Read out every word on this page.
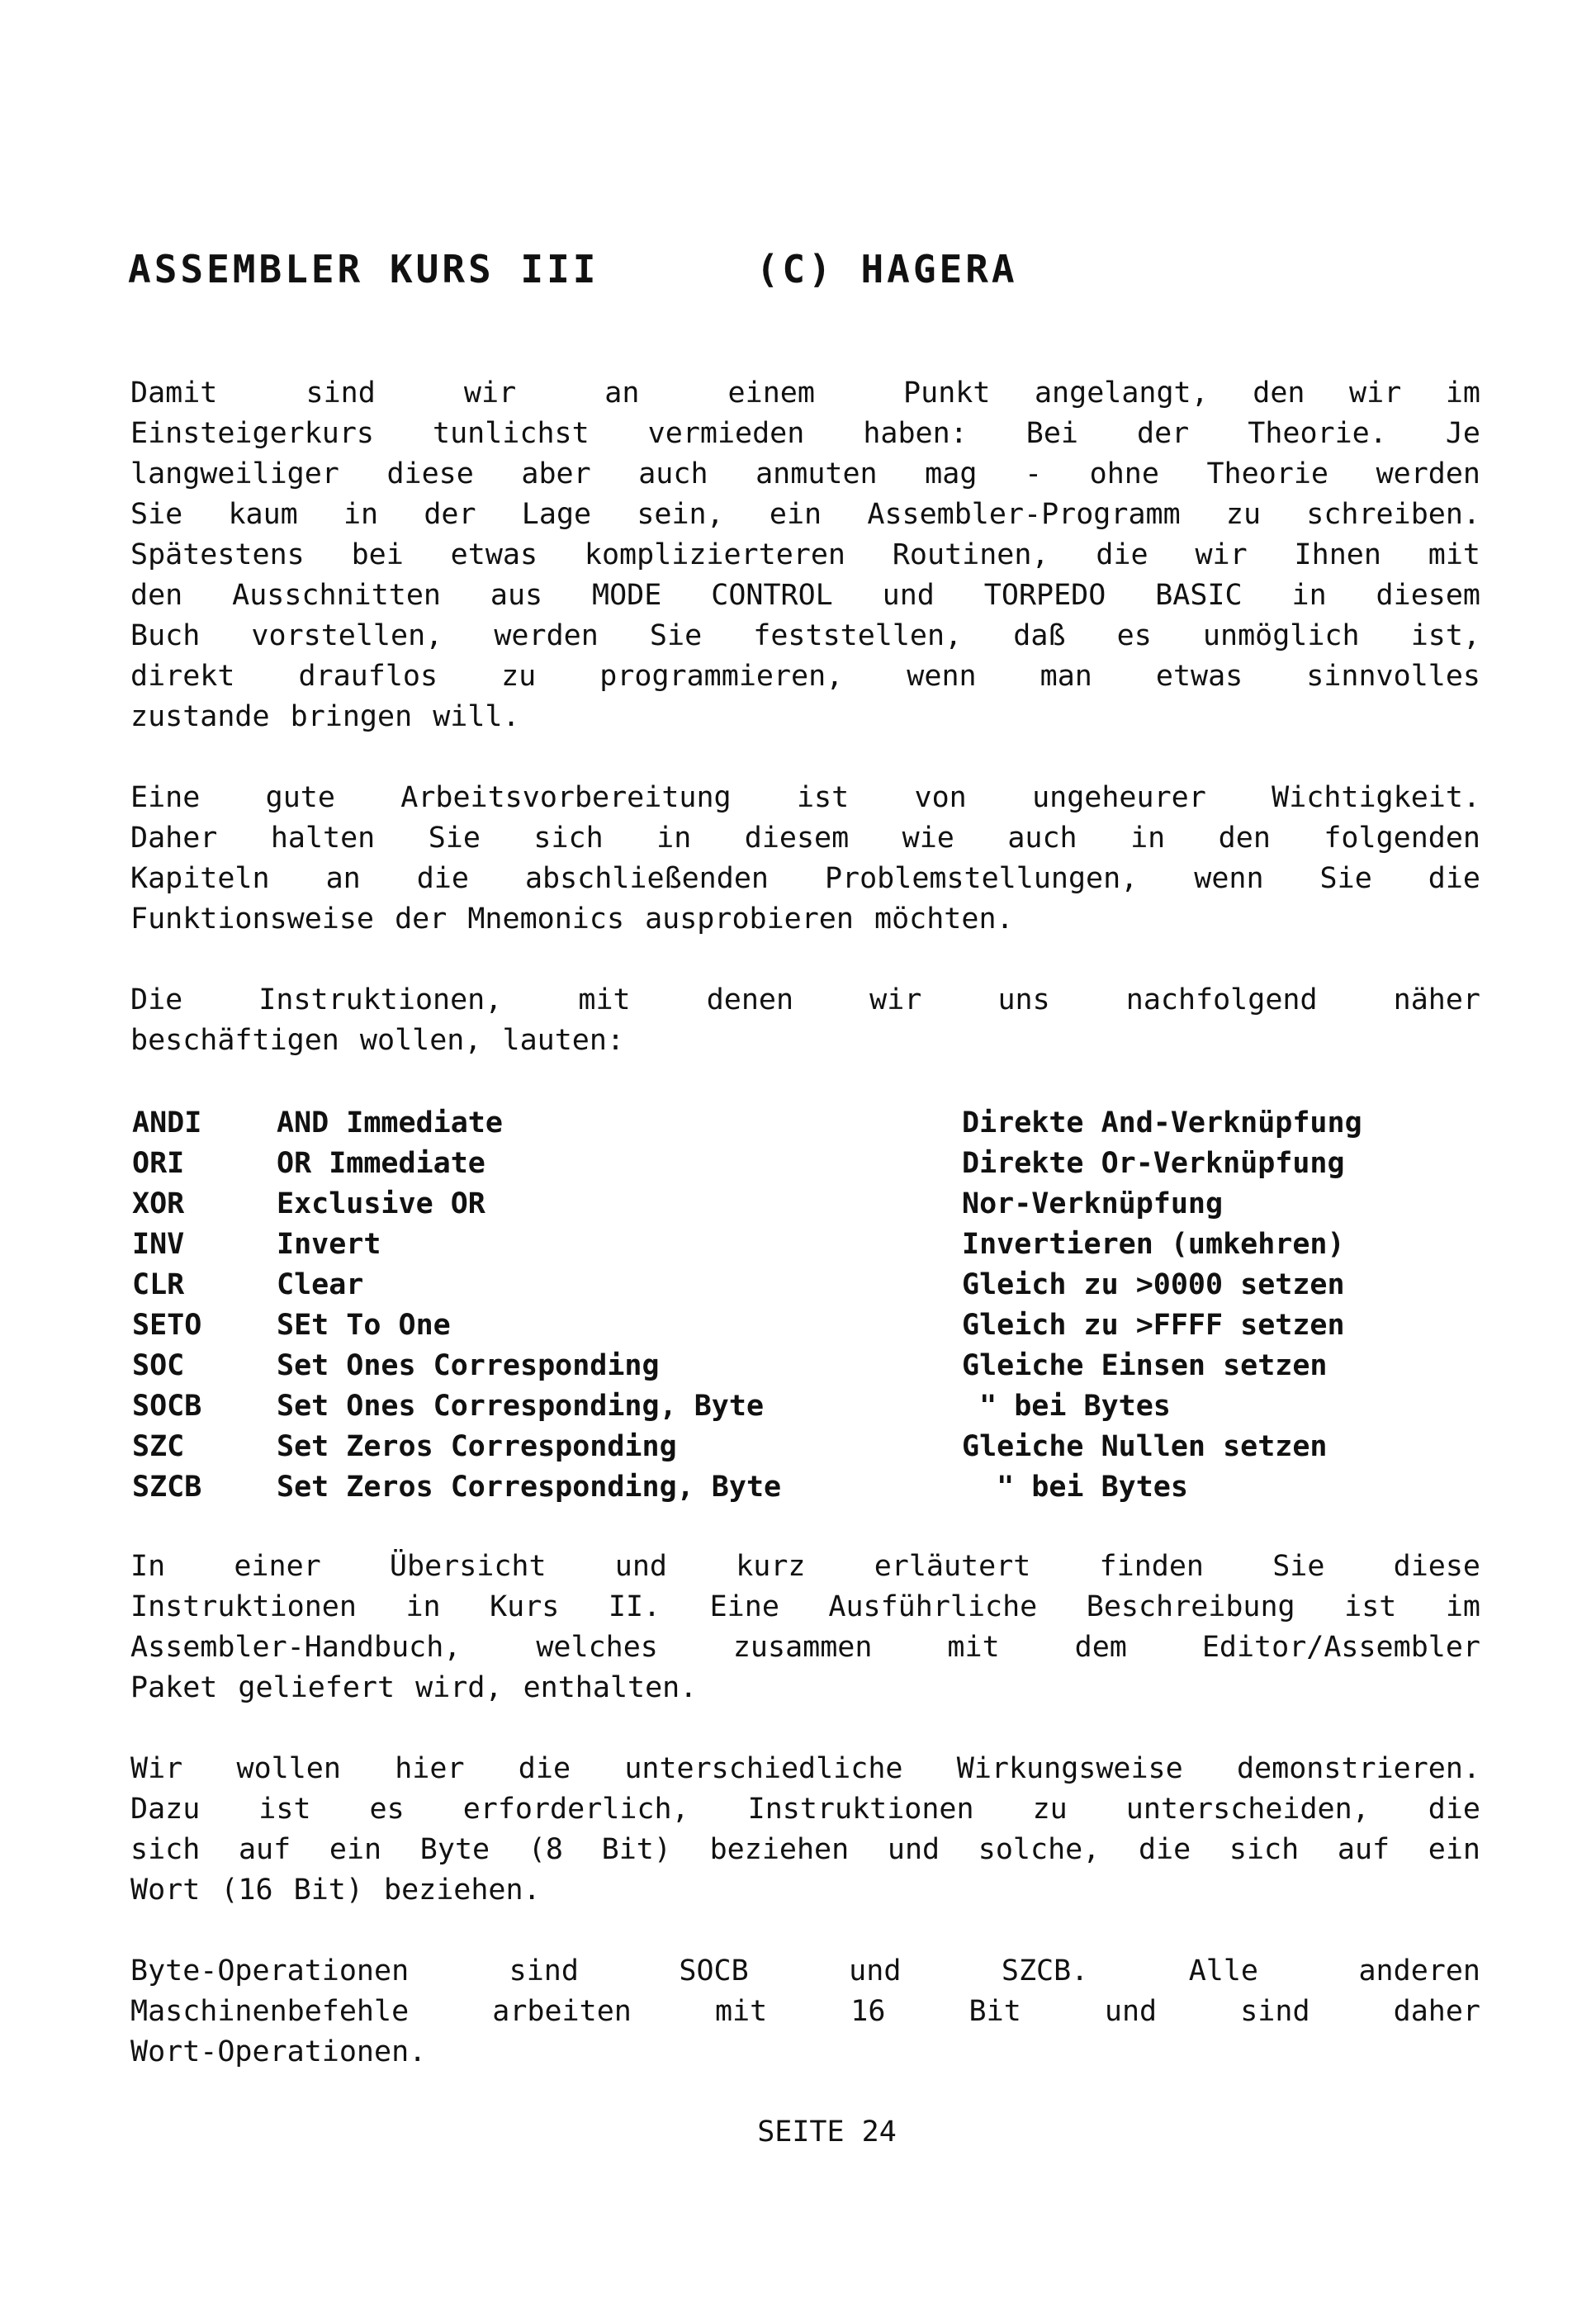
ASSEMBLER KURS III      (C) HAGERA
Damit  sind  wir  an  einem  Punkt angelangt, den wir im
Einsteigerkurs tunlichst vermieden haben: Bei der Theorie. Je
langweiliger diese aber auch anmuten mag - ohne Theorie werden
Sie kaum in der Lage sein, ein Assembler-Programm zu schreiben.
Spätestens bei etwas komplizierteren Routinen, die wir Ihnen mit
den Ausschnitten aus MODE CONTROL und TORPEDO BASIC in diesem
Buch vorstellen, werden Sie feststellen, daß es unmöglich ist,
direkt drauflos zu programmieren, wenn man etwas sinnvolles
zustande bringen will.
Eine gute Arbeitsvorbereitung ist von ungeheurer Wichtigkeit.
Daher halten Sie sich in diesem wie auch in den folgenden
Kapiteln an die abschließenden Problemstellungen, wenn Sie die
Funktionsweise der Mnemonics ausprobieren möchten.
Die Instruktionen, mit denen wir uns nachfolgend näher
beschäftigen wollen, lauten:
ANDI	AND Immediate	Direkte And-Verknüpfung
ORI	OR Immediate	Direkte Or-Verknüpfung
XOR	Exclusive OR	Nor-Verknüpfung
INV	Invert	Invertieren (umkehren)
CLR	Clear	Gleich zu >0000 setzen
SETO	SEt To One	Gleich zu >FFFF setzen
SOC	Set Ones Corresponding	Gleiche Einsen setzen
SOCB	Set Ones Corresponding, Byte	" bei Bytes
SZC	Set Zeros Corresponding	Gleiche Nullen setzen
SZCB	Set Zeros Corresponding, Byte	" bei Bytes
In einer Übersicht und kurz erläutert finden Sie diese
Instruktionen in Kurs II. Eine Ausführliche Beschreibung ist im
Assembler-Handbuch, welches zusammen mit dem Editor/Assembler
Paket geliefert wird, enthalten.
Wir wollen hier die unterschiedliche Wirkungsweise demonstrieren.
Dazu ist es erforderlich, Instruktionen zu unterscheiden, die
sich auf ein Byte (8 Bit) beziehen und solche, die sich auf ein
Wort (16 Bit) beziehen.
Byte-Operationen sind SOCB und SZCB. Alle anderen
Maschinenbefehle arbeiten mit 16 Bit und sind daher
Wort-Operationen.
SEITE 24
